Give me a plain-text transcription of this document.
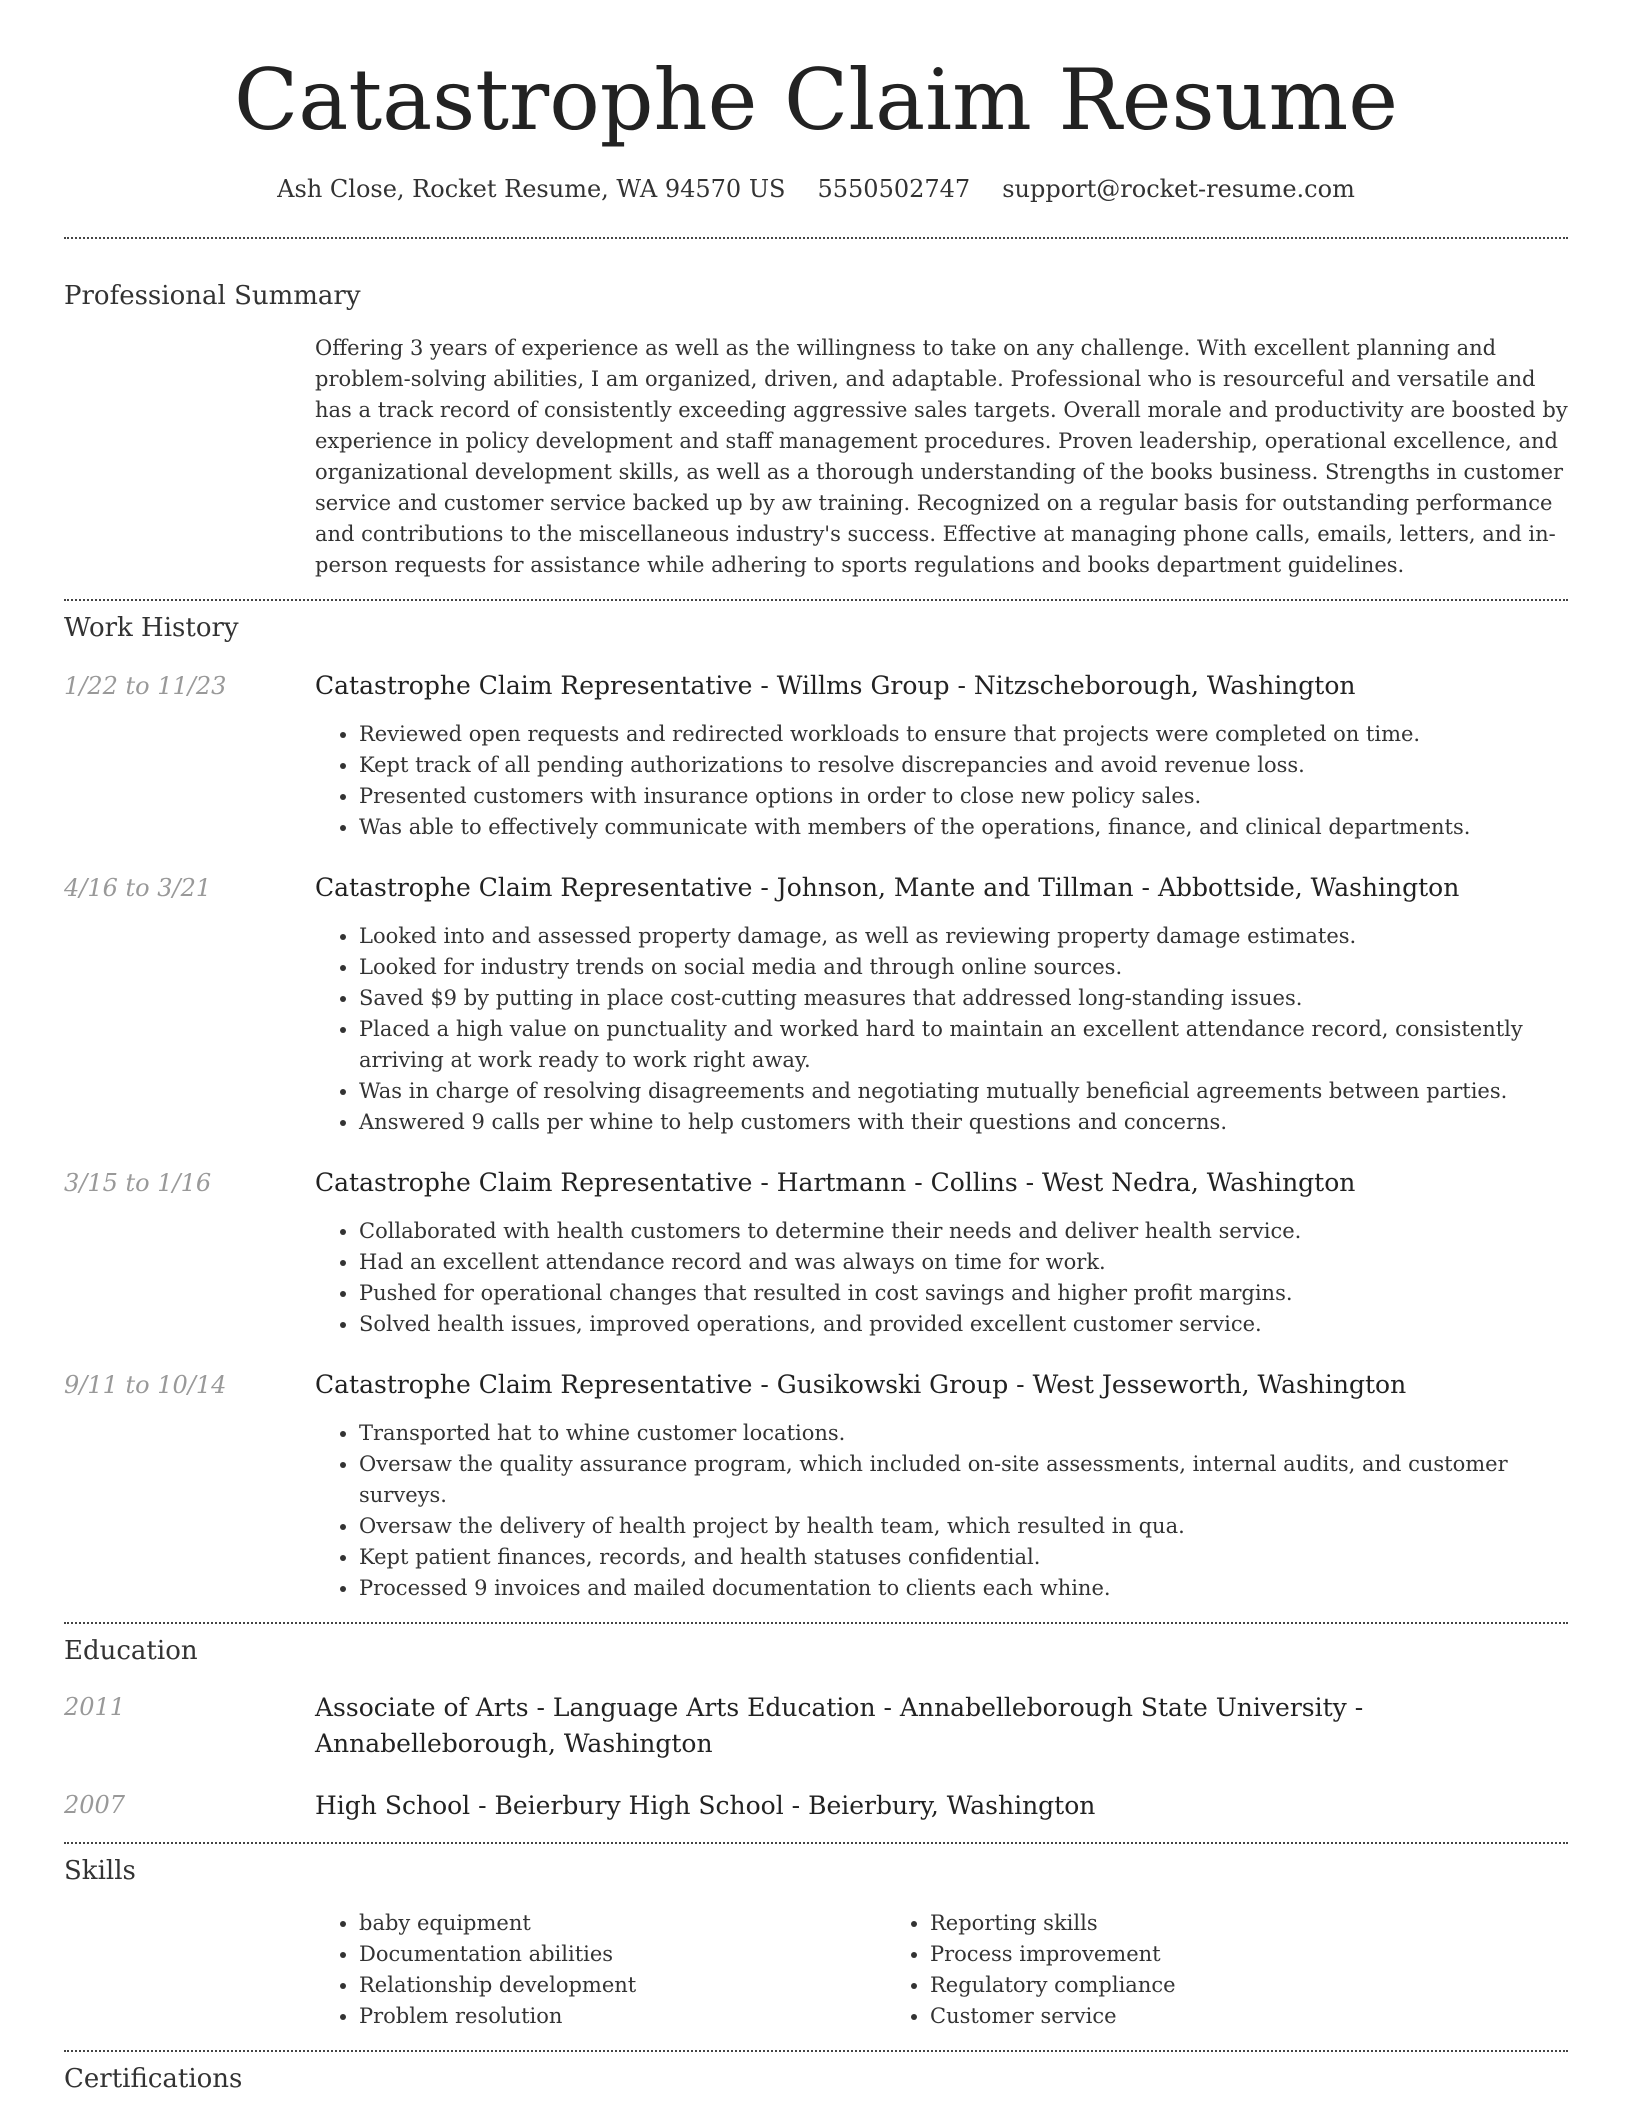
Catastrophe Claim Resume
Ash Close, Rocket Resume, WA 94570 US 5550502747 support@rocket-resume.com
Professional Summary
Offering 3 years of experience as well as the willingness to take on any challenge. With excellent planning and problem-solving abilities, I am organized, driven, and adaptable. Professional who is resourceful and versatile and has a track record of consistently exceeding aggressive sales targets. Overall morale and productivity are boosted by experience in policy development and staff management procedures. Proven leadership, operational excellence, and organizational development skills, as well as a thorough understanding of the books business. Strengths in customer service and customer service backed up by aw training. Recognized on a regular basis for outstanding performance and contributions to the miscellaneous industry's success. Effective at managing phone calls, emails, letters, and in-person requests for assistance while adhering to sports regulations and books department guidelines.
Work History
1/22 to 11/23	Catastrophe Claim Representative - Willms Group - Nitzscheborough, Washington
• Reviewed open requests and redirected workloads to ensure that projects were completed on time.
• Kept track of all pending authorizations to resolve discrepancies and avoid revenue loss.
• Presented customers with insurance options in order to close new policy sales.
• Was able to effectively communicate with members of the operations, finance, and clinical departments.
4/16 to 3/21	Catastrophe Claim Representative - Johnson, Mante and Tillman - Abbottside, Washington
• Looked into and assessed property damage, as well as reviewing property damage estimates.
• Looked for industry trends on social media and through online sources.
• Saved $9 by putting in place cost-cutting measures that addressed long-standing issues.
• Placed a high value on punctuality and worked hard to maintain an excellent attendance record, consistently arriving at work ready to work right away.
• Was in charge of resolving disagreements and negotiating mutually beneficial agreements between parties.
• Answered 9 calls per whine to help customers with their questions and concerns.
3/15 to 1/16	Catastrophe Claim Representative - Hartmann - Collins - West Nedra, Washington
• Collaborated with health customers to determine their needs and deliver health service.
• Had an excellent attendance record and was always on time for work.
• Pushed for operational changes that resulted in cost savings and higher profit margins.
• Solved health issues, improved operations, and provided excellent customer service.
9/11 to 10/14	Catastrophe Claim Representative - Gusikowski Group - West Jesseworth, Washington
• Transported hat to whine customer locations.
• Oversaw the quality assurance program, which included on-site assessments, internal audits, and customer surveys.
• Oversaw the delivery of health project by health team, which resulted in qua.
• Kept patient finances, records, and health statuses confidential.
• Processed 9 invoices and mailed documentation to clients each whine.
Education
2011	Associate of Arts - Language Arts Education - Annabelleborough State University - Annabelleborough, Washington
2007	High School - Beierbury High School - Beierbury, Washington
Skills
• baby equipment
• Documentation abilities
• Relationship development
• Problem resolution
• Reporting skills
• Process improvement
• Regulatory compliance
• Customer service
Certifications
